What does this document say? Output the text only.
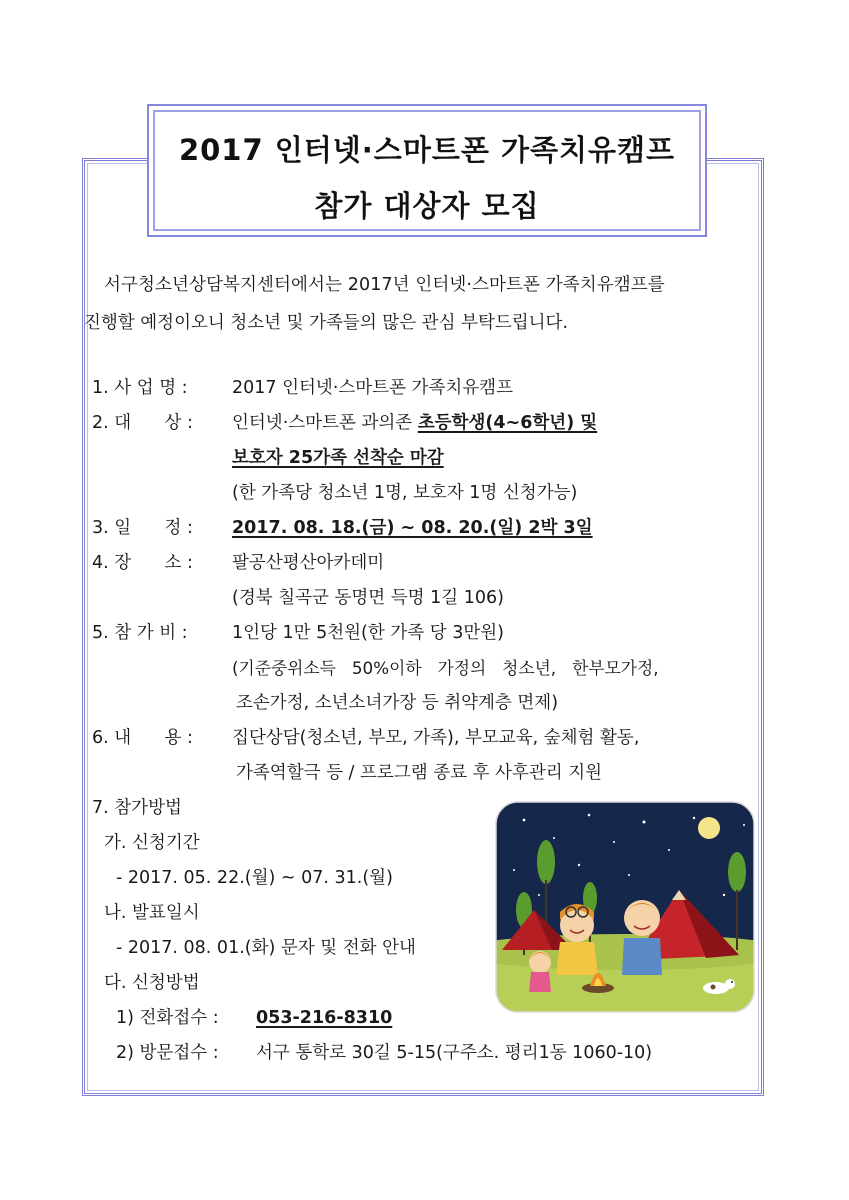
2017 인터넷·스마트폰 가족치유캠프
참가 대상자 모집
서구청소년상담복지센터에서는 2017년 인터넷·스마트폰 가족치유캠프를
진행할 예정이오니 청소년 및 가족들의 많은 관심 부탁드립니다.
1. 사 업 명 :	2017 인터넷·스마트폰 가족치유캠프
2. 대      상 : 인터넷·스마트폰 과의존 초등학생(4~6학년) 및
보호자 25가족 선착순 마감
(한 가족당 청소년 1명, 보호자 1명 신청가능)
3. 일      정 : 2017. 08. 18.(금) ~ 08. 20.(일) 2박 3일
4. 장      소 : 팔공산평산아카데미
(경북 칠곡군 동명면 득명 1길 106)
5. 참 가 비 :	1인당 1만 5천원(한 가족 당 3만원)
(기준중위소득   50%이하   가정의   청소년,   한부모가정,
조손가정, 소년소녀가장 등 취약계층 면제)
6. 내      용 : 집단상담(청소년, 부모, 가족), 부모교육, 숲체험 활동,
가족역할극 등 / 프로그램 종료 후 사후관리 지원
7. 참가방법
가. 신청기간
- 2017. 05. 22.(월) ~ 07. 31.(월)
나. 발표일시
- 2017. 08. 01.(화) 문자 및 전화 안내
다. 신청방법
1) 전화접수 : 053-216-8310
2) 방문접수 : 서구 통학로 30길 5-15(구주소. 평리1동 1060-10)
